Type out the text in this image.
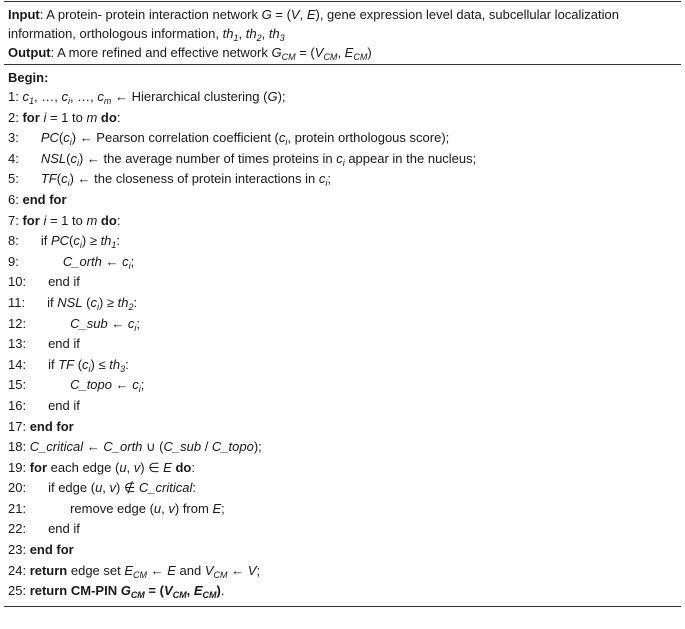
Input: A protein- protein interaction network G = (V, E), gene expression level data, subcellular localization
information, orthologous information, $th_1$, $th_2$, $th_3$
Output: A more refined and effective network $G_{CM} = (V_{CM}$, $E_{CM}$)
Begin:
1: $c_1$, …, $c_i$, …, $c_m$ ← Hierarchical clustering (G);
2: for i = 1 to m do:
3: $PC(c_i)$ ← Pearson correlation coefficient ($c_i$, protein orthologous score);
4: $NSL(c_i)$ ← the average number of times proteins in $c_i$ appear in the nucleus;
5: $TF(c_i)$ ← the closeness of protein interactions in $c_i$;
6: end for
7: for i = 1 to m do:
8: if $PC(c_i) \ge th_1$:
9:	C_orth ← $c_i$;
10: end if
11: if NSL $(c_i) \ge th_2$:
12:	C_sub ← $c_i$;
13: end if
14: if TF $(c_i) \le th_3$:
15:	C_topo ← $c_i$;
16: end if
17: end for
18: C_critical ← C_orth ∪ (C_sub / C_topo);
19: for each edge (u, v) ∈ E do:
20: if edge (u, v) ∉ C_critical:
21:	remove edge (u, v) from E;
22: end if
23: end for
24: return edge set $E_{CM}$ ← E and $V_{CM}$ ← V;
25: return CM-PIN $G_{CM} = (V_{CM}$, $E_{CM}$).
